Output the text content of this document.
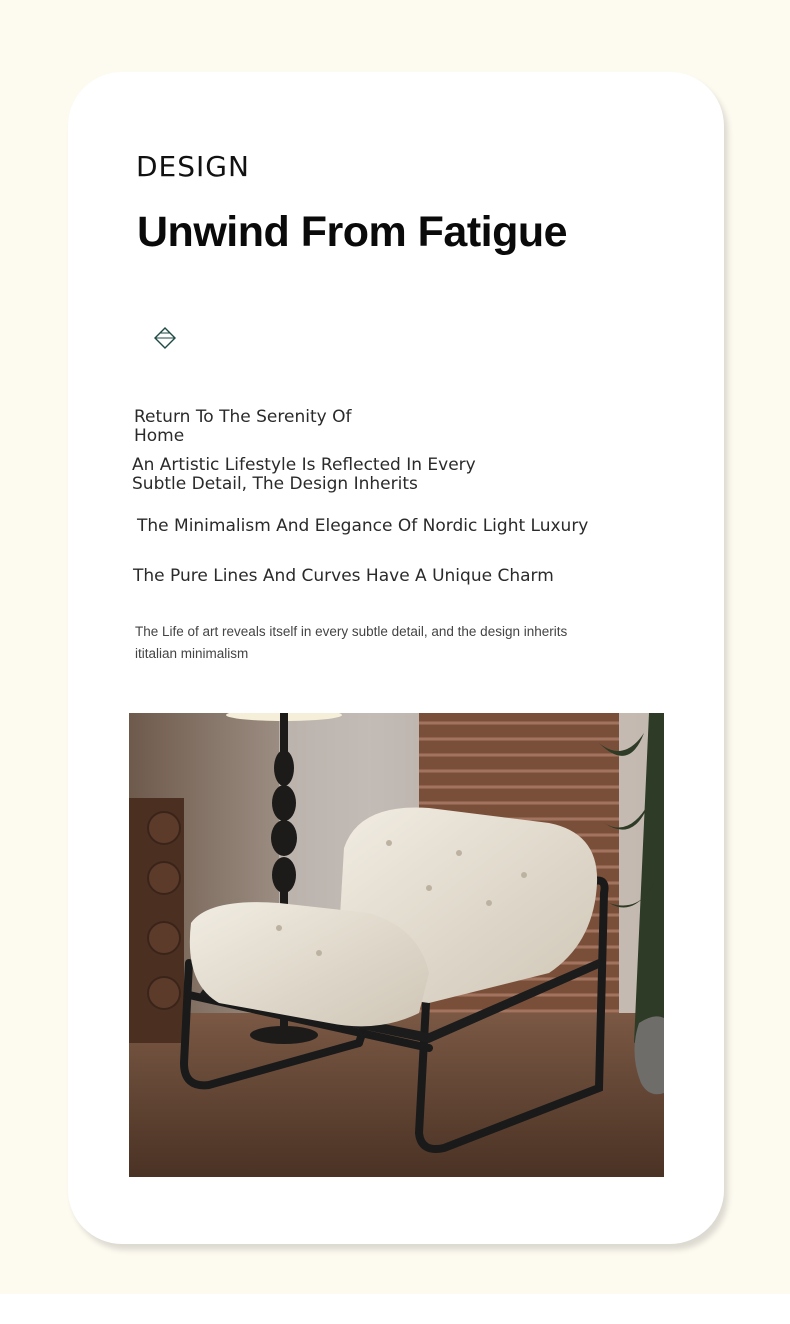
DESIGN
Unwind From Fatigue
Return To The Serenity Of Home
An Artistic Lifestyle Is Reflected In Every Subtle Detail, The Design Inherits
The Minimalism And Elegance Of Nordic Light Luxury
The Pure Lines And Curves Have A Unique Charm
The Life of art reveals itself in every subtle detail, and the design inherits ititalian minimalism
